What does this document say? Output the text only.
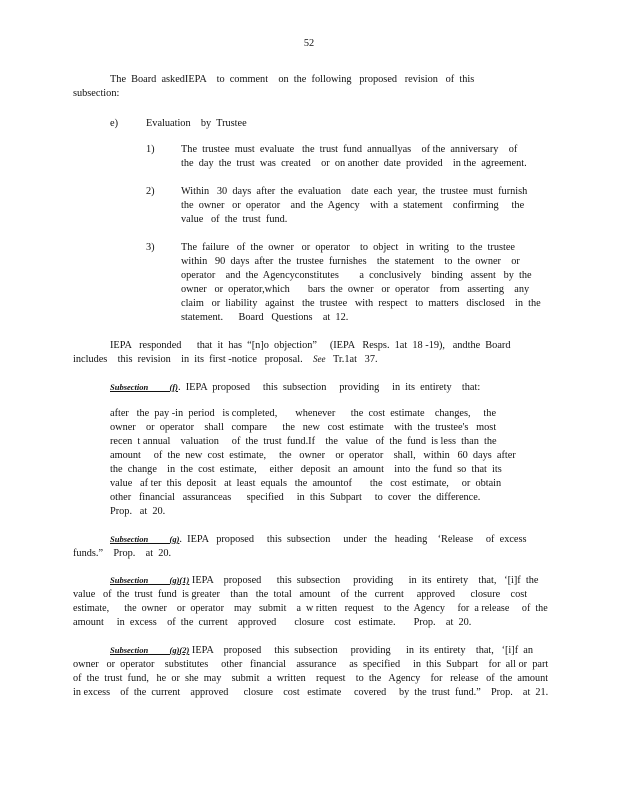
52
The  Board  askedIEPA    to  comment    on  the  following   proposed   revision   of  this
subsection:
e)	Evaluation    by  Trustee
1)	The  trustee  must  evaluate   the  trust  fund  annuallyas    of the  anniversary    of
the  day  the  trust  was  created    or  on another  date  provided    in the  agreement.
2)	Within   30  days  after  the  evaluation    date  each  year,  the  trustee  must  furnish
the  owner   or  operator    and  the  Agency    with  a  statement    confirming     the
value   of  the  trust  fund.
3)	The  failure   of  the  owner   or  operator    to  object   in  writing   to  the  trustee
within   90  days  after  the  trustee  furnishes    the  statement    to  the  owner    or
operator    and  the  Agencyconstitutes        a  conclusively    binding   assent   by  the
owner   or  operator,which       bars  the  owner   or  operator    from   asserting    any
claim   or  liability   against   the  trustee   with  respect   to  matters   disclosed    in  the
statement.      Board   Questions    at  12.
IEPA   responded      that  it  has  “[n]o  objection”     (IEPA   Resps.  1at  18 -19),   andthe  Board
includes    this  revision    in  its  first -notice   proposal. See Tr.1at   37.
Subsection          (f).  IEPA  proposed     this  subsection     providing     in  its  entirety    that:
after   the  pay -in  period   is completed,       whenever      the  cost  estimate    changes,     the
owner    or  operator    shall   compare      the   new   cost  estimate    with  the  trustee's   most
recen  t annual    valuation     of  the  trust  fund.If    the   value   of  the  fund  is less  than  the
amount     of  the  new  cost  estimate,     the   owner    or  operator    shall,   within   60  days  after
the  change    in  the  cost  estimate,     either   deposit   an  amount    into  the  fund  so  that  its
value   af ter  this  deposit   at  least  equals   the  amountof       the   cost  estimate,     or  obtain
other   financial   assuranceas      specified     in  this  Subpart     to  cover   the  difference.
Prop.   at  20.
Subsection          (g).  IEPA   proposed     this  subsection     under   the   heading    ‘Release     of  excess
funds.”    Prop.    at  20.
Subsection          (g)(1) IEPA    proposed      this  subsection     providing      in  its  entirety    that,   ‘[i]f  the
value   of  the  trust  fund  is greater    than   the  total   amount    of  the   current     approved      closure    cost
estimate,      the  owner    or  operator    may   submit    a  w ritten   request    to  the  Agency     for  a release     of  the
amount     in  excess    of  the  current    approved       closure    cost   estimate.       Prop.    at  20.
Subsection          (g)(2) IEPA    proposed     this  subsection     providing      in  its  entirety    that,   ‘[i]f  an
owner   or  operator    substitutes     other   financial    assurance     as  specified     in  this  Subpart    for  all or  part
of  the  trust  fund,   he  or  she  may    submit   a  written    request    to  the   Agency    for   release   of  the  amount
in excess    of  the  current    approved      closure    cost   estimate     covered     by  the  trust  fund.”    Prop.    at  21.
